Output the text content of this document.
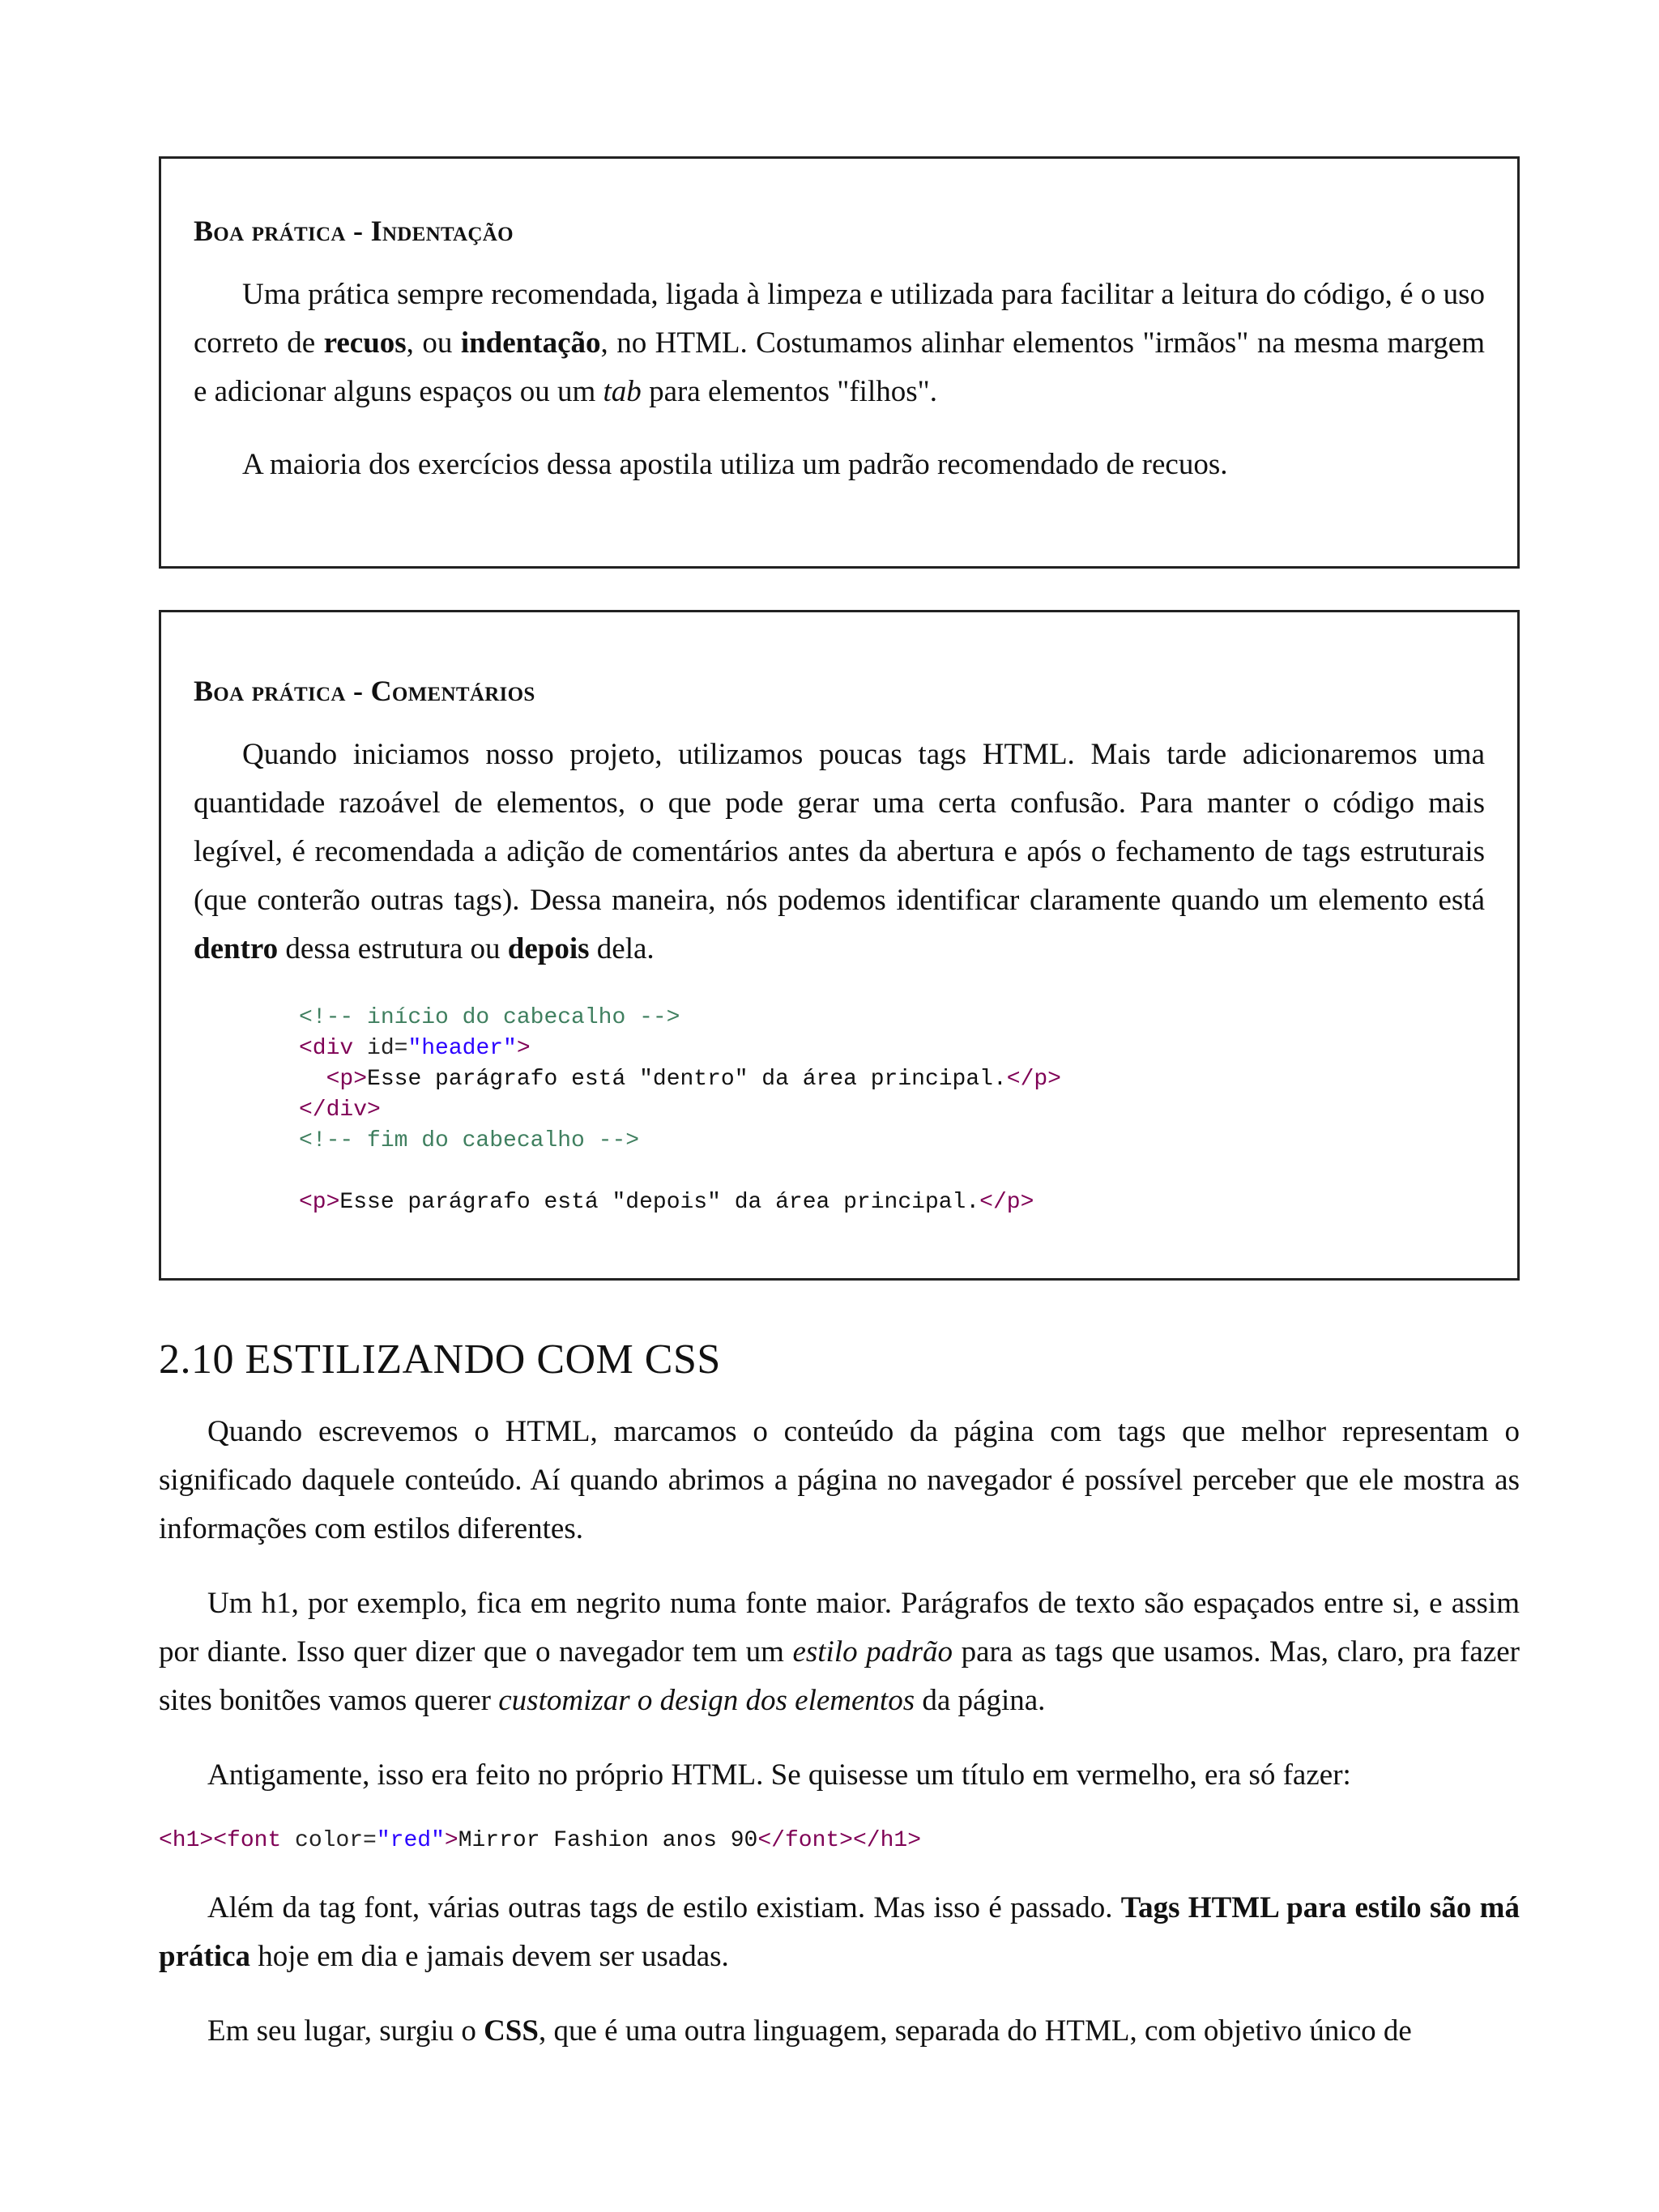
Boa prática - Indentação

Uma prática sempre recomendada, ligada à limpeza e utilizada para facilitar a leitura do código, é o uso correto de recuos, ou indentação, no HTML. Costumamos alinhar elementos "irmãos" na mesma margem e adicionar alguns espaços ou um tab para elementos "filhos".

A maioria dos exercícios dessa apostila utiliza um padrão recomendado de recuos.

Boa prática - Comentários

Quando iniciamos nosso projeto, utilizamos poucas tags HTML. Mais tarde adicionaremos uma quantidade razoável de elementos, o que pode gerar uma certa confusão. Para manter o código mais legível, é recomendada a adição de comentários antes da abertura e após o fechamento de tags estruturais (que conterão outras tags). Dessa maneira, nós podemos identificar claramente quando um elemento está dentro dessa estrutura ou depois dela.

<!-- início do cabecalho -->
<div id="header">
<p>Esse parágrafo está "dentro" da área principal.</p>
</div>
<!-- fim do cabecalho -->

<p>Esse parágrafo está "depois" da área principal.</p>
2.10 ESTILIZANDO COM CSS

Quando escrevemos o HTML, marcamos o conteúdo da página com tags que melhor representam o significado daquele conteúdo. Aí quando abrimos a página no navegador é possível perceber que ele mostra as informações com estilos diferentes.

Um h1, por exemplo, fica em negrito numa fonte maior. Parágrafos de texto são espaçados entre si, e assim por diante. Isso quer dizer que o navegador tem um estilo padrão para as tags que usamos. Mas, claro, pra fazer sites bonitões vamos querer customizar o design dos elementos da página.

Antigamente, isso era feito no próprio HTML. Se quisesse um título em vermelho, era só fazer:

<h1><font color="red">Mirror Fashion anos 90</font></h1>

Além da tag font, várias outras tags de estilo existiam. Mas isso é passado. Tags HTML para estilo são má prática hoje em dia e jamais devem ser usadas.

Em seu lugar, surgiu o CSS, que é uma outra linguagem, separada do HTML, com objetivo único de
